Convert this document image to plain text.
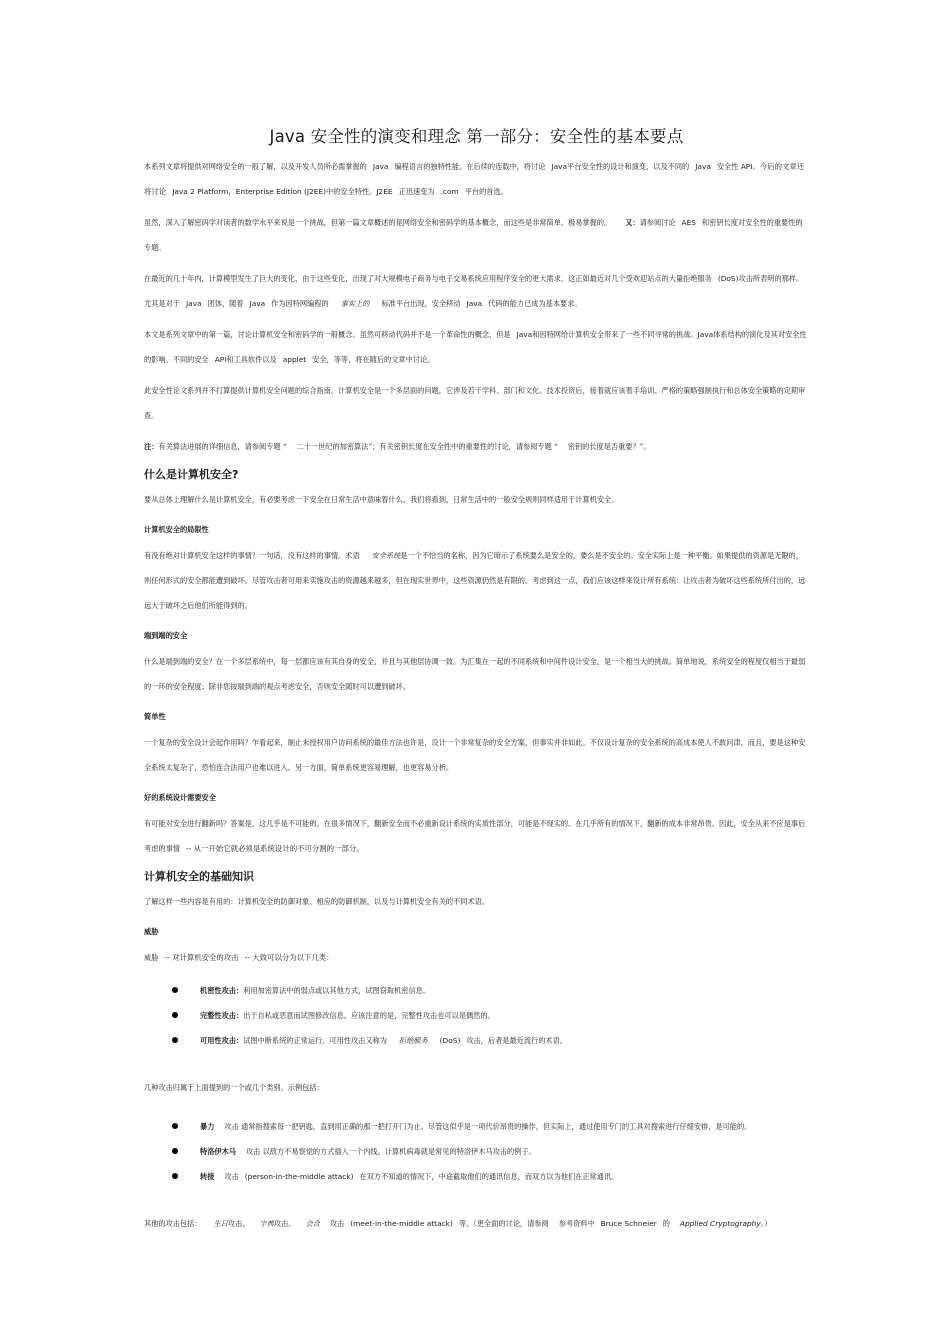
Java 安全性的演变和理念 第一部分：安全性的基本要点

本系列文章将提供对网络安全的一般了解，以及开发人员所必需掌握的 Java 编程语言的独特性能。在后续的连载中，将讨论 Java平台安全性的设计和演变，以及不同的 Java 安全性 API。今后的文章还将讨论 Java 2 Platform，Enterprise Edition (J2EE)中的安全特性。J2EE 正迅速变为 .com 平台的首选。

虽然，深入了解密码学对读者的数学水平来说是一个挑战，但第一篇文章概述的是网络安全和密码学的基本概念，而这些是非常简单、极易掌握的。 又：请参阅讨论 AES 和密钥长度对安全性的重要性的专题。

在最近的几十年内，计算模型发生了巨大的变化，由于这些变化，出现了对大规模电子商务与电子交易系统应用程序安全的更大需求，这正如最近对几个受欢迎站点的大量拒绝服务 (DoS)攻击所表明的那样。尤其是对于 Java 团体，随着 Java 作为因特网编程的 事实上的 标准平台出现，安全移动 Java 代码的能力已成为基本要求。

本文是系列文章中的第一篇，讨论计算机安全和密码学的一般概念。虽然可移动代码并不是一个革命性的概念，但是 Java和因特网给计算机安全带来了一些不同寻常的挑战。Java体系结构的演化及其对安全性的影响、不同的安全 API和工具软件以及 applet 安全，等等，将在随后的文章中讨论。

此安全性论文系列并不打算提供计算机安全问题的综合指南。计算机安全是一个多层面的问题，它涉及若干学科、部门和文化。技术投资后，接着就应该着手培训、严格的策略强制执行和总体安全策略的定期审查。

注：有关算法进展的详细信息，请参阅专题 “ 二十一世纪的加密算法”；有关密钥长度在安全性中的重要性的讨论，请参阅专题 “ 密钥的长度是否重要？”。

什么是计算机安全?

要从总体上理解什么是计算机安全，有必要考虑一下安全在日常生活中意味着什么。我们将看到，日常生活中的一般安全规则同样适用于计算机安全。

计算机安全的局限性

有没有绝对计算机安全这样的事情？一句话，没有这样的事情。术语 安全系统是一个不恰当的名称，因为它暗示了系统要么是安全的，要么是不安全的。安全实际上是一种平衡。如果提供的资源是无限的，则任何形式的安全都能遭到破坏。尽管攻击者可用来实施攻击的资源越来越多，但在现实世界中，这些资源仍然是有限的。考虑到这一点，我们应该这样来设计所有系统：让攻击者为破坏这些系统所付出的，远远大于破坏之后他们所能得到的。

端到端的安全

什么是端到端的安全？在一个多层系统中，每一层都应该有其自身的安全，并且与其他层协调一致。为汇集在一起的不同系统和中间件设计安全，是一个相当大的挑战。简单地说，系统安全的程度仅相当于最弱的一环的安全程度；除非您按端到端的观点考虑安全，否则安全随时可以遭到破坏。

简单性

一个复杂的安全设计会起作用吗？乍看起来，制止未授权用户访问系统的最佳方法也许是，设计一个非常复杂的安全方案，但事实并非如此。不仅设计复杂的安全系统的高成本使人不敢问津，而且，要是这种安全系统太复杂了，恐怕连合法用户也难以进入。另一方面，简单系统更容易理解，也更容易分析。

好的系统设计需要安全

有可能对安全进行翻新吗？答案是，这几乎是不可能的。在很多情况下，翻新安全而不必重新设计系统的实质性部分，可能是不现实的。在几乎所有的情况下，翻新的成本非常昂贵。因此，安全从来不应是事后考虑的事情 -- 从一开始它就必须是系统设计的不可分割的一部分。

计算机安全的基础知识

了解这样一些内容是有用的：计算机安全的防御对象、相应的防御机制，以及与计算机安全有关的不同术语。

威胁

威胁 -- 对计算机安全的攻击 -- 大致可以分为以下几类：

机密性攻击：利用加密算法中的弱点或以其他方式，试图窃取机密信息。
完整性攻击：出于自私或恶意而试图修改信息。应该注意的是，完整性攻击也可以是偶然的。
可用性攻击：试图中断系统的正常运行。可用性攻击又称为 拒绝服务 (DoS) 攻击，后者是最近流行的术语。

几种攻击归属于上面提到的一个或几个类别。示例包括：

暴力 攻击 通常指搜索每一把钥匙，直到用正确的那一把打开门为止。尽管这似乎是一项代价昂贵的操作，但实际上，通过使用专门的工具对搜索进行仔细安排，是可能的。
特洛伊木马 攻击 以敌方不易察觉的方式插入一个内线。计算机病毒就是常见的特洛伊木马攻击的例子。
转接 攻击 (person-in-the-middle attack) 在双方不知道的情况下，中途截取他们的通讯信息，而双方以为他们在正常通讯。

其他的攻击包括： 生日攻击、 字典攻击、 会合 攻击 (meet-in-the-middle attack) 等。（更全面的讨论，请参阅 参考资料中 Bruce Schneier 的 Applied Cryptography。）
